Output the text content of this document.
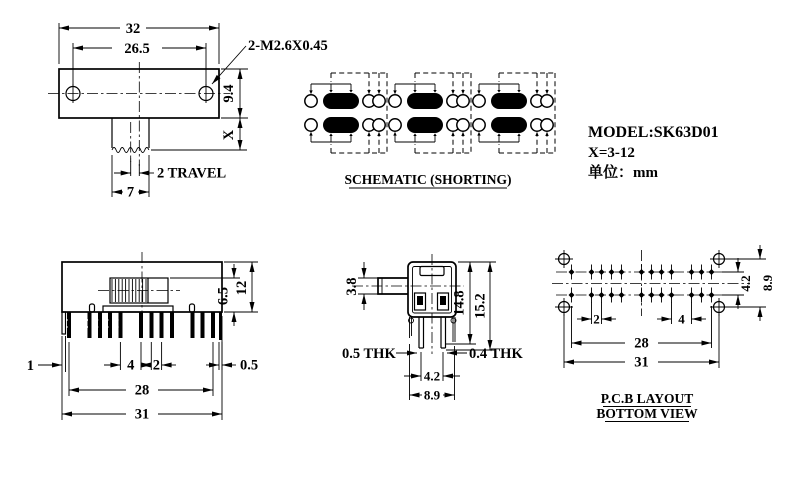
32
26.5	2-M2.6X0.45
9.4
X
2 TRAVEL
7
SCHEMATIC (SHORTING)
MODEL:SK63D01
X=3-12
单位：mm
12
6.5
1	4 2	0.5
28
31
3.8
14.8 15.2
0.5 THK	0.4 THK
4.2
8.9
4.2 8.9
2	4
28
31
P.C.B LAYOUT
BOTTOM VIEW
